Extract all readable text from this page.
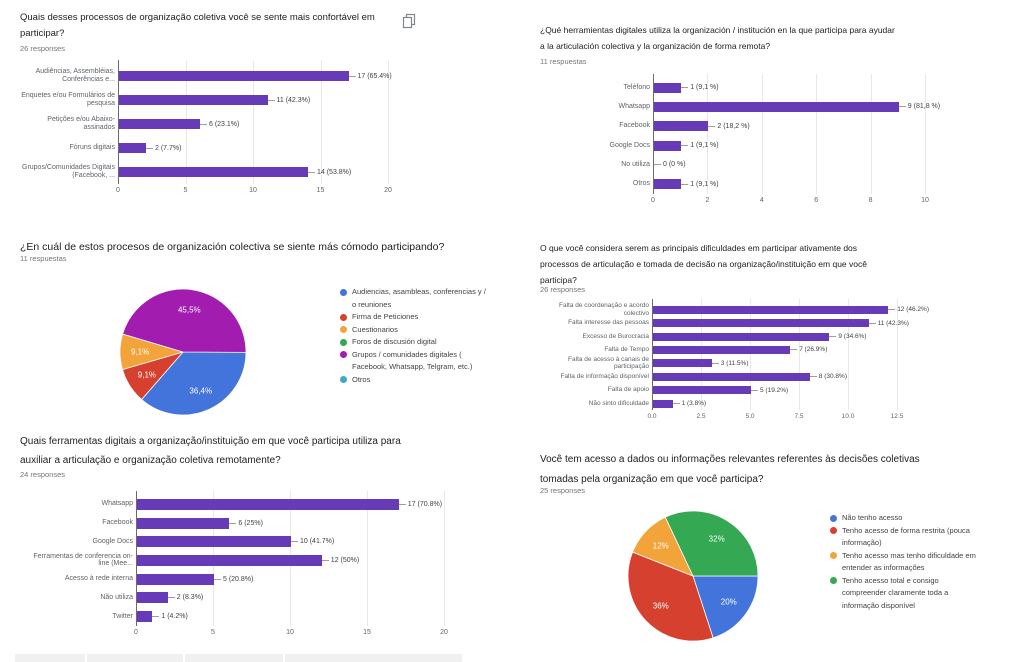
Quais desses processos de organização coletiva você se sente mais confortável em
participar?
26 responses
0	5	10	15	20
Audiências, Assembléias,
Conferências e...	17 (65.4%)
Enquetes e/ou Formulários de
pesquisa	11 (42.3%)
Petições e/ou Abaixo-assinados	6 (23.1%)
Fóruns digitais	2 (7.7%)
Grupos/Comunidades Digitais
(Facebook, ...	14 (53.8%)
¿Qué herramientas digitales utiliza la organización / institución en la que participa para ayudar
a la articulación colectiva y la organización de forma remota?
11 respuestas
0	2	4	6	8	10
Teléfono	1 (9,1 %)
Whatsapp	9 (81,8 %)
Facebook	2 (18,2 %)
Google Docs	1 (9,1 %)
No utiliza 0 (0 %)
Otros	1 (9,1 %)
¿En cuál de estos procesos de organización colectiva se siente más cómodo participando?
11 respuestas
36,4%
9,1%
9,1%
45,5%
Audiencias, asambleas, conferencias y / o reuniones
Firma de Peticiones
Cuestionarios
Foros de discusión digital
Grupos / comunidades digitales ( Facebook, Whatsapp, Telgram, etc.)
Otros
O que você considera serem as principais dificuldades em participar ativamente dos
processos de articulação e tomada de decisão na organização/instituição em que você
participa?
26 responses
0.0	2.5	5.0	7.5	10.0	12.5
Falta de coordenação e acordo
colectivo
12 (46.2%)
Falta interesse das pessoas	11 (42.3%)
Excesso de Burocracia	9 (34.6%)
Falta de Tempo	7 (26.9%)
Falta de acesso à canais de
participação
3 (11.5%)
Falta de informação disponível	8 (30.8%)
Falta de apoio	5 (19.2%)
Não sinto dificuldade	1 (3.8%)
Quais ferramentas digitais a organização/instituição em que você participa utiliza para
auxiliar a articulação e organização coletiva remotamente?
24 responses
0	5	10	15	20
Whatsapp	17 (70.8%)
Facebook	6 (25%)
Google Docs	10 (41.7%)
Ferramentas de conferencia on-
line (Mee...	12 (50%)
Acesso à rede interna	5 (20.8%)
Não utiliza	2 (8.3%)
Twitter	1 (4.2%)
Você tem acesso a dados ou informações relevantes referentes às decisões coletivas
tomadas pela organização em que você participa?
25 responses
20%
36%
12%
32%
Não tenho acesso
Tenho acesso de forma restrita (pouca informação)
Tenho acesso mas tenho dificuldade em entender as informações
Tenho acesso total e consigo compreender claramente toda a informação disponível
